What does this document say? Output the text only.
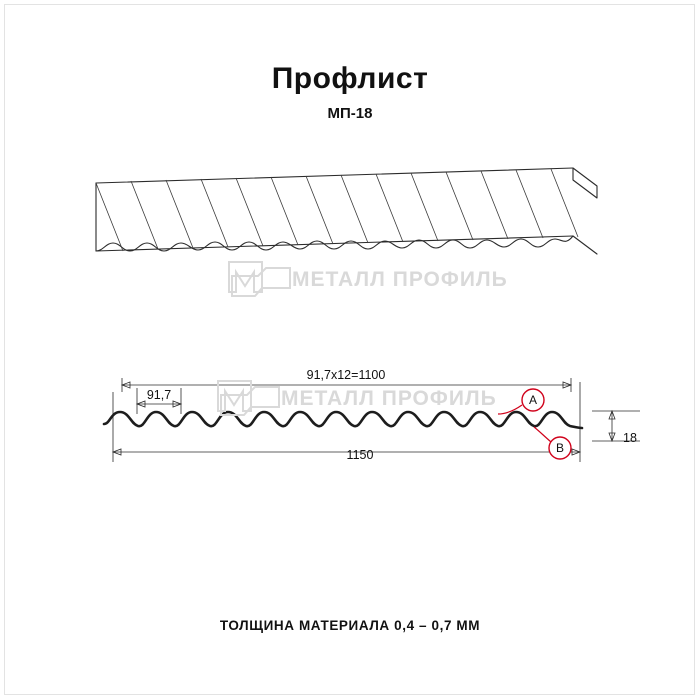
Профлист
МП-18
ТОЛЩИНА МАТЕРИАЛА 0,4 – 0,7 ММ
МЕТАЛЛ ПРОФИЛЬ
МЕТАЛЛ ПРОФИЛЬ
91,7х12=1100
91,7
1150
18
A
B
